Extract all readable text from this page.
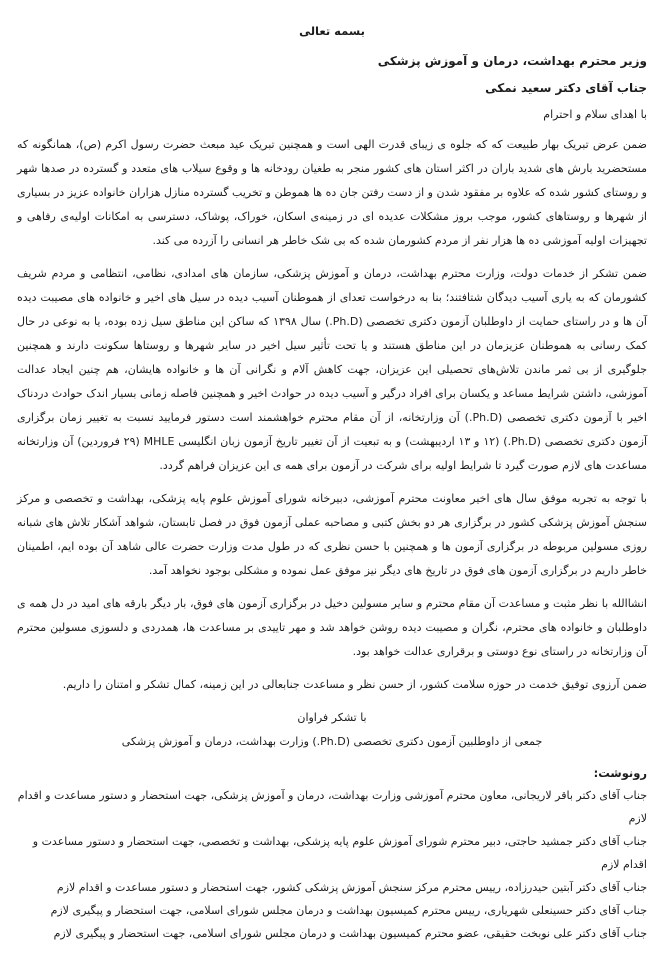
بسمه تعالی

وزیر محترم بهداشت، درمان و آموزش پزشکی

جناب آقای دکتر سعید نمکی

با اهدای سلام و احترام

ضمن عرض تبریک بهار طبیعت که که جلوه ی زیبای قدرت الهی است و همچنین تبریک عید مبعث حضرت رسول اکرم (ص)، همانگونه که مستحضرید بارش های شدید باران در اکثر استان های کشور منجر به طغیان رودخانه ها و وقوع سیلاب های متعدد و گسترده در صدها شهر و روستای کشور شده که علاوه بر مفقود شدن و از دست رفتن جان ده ها هموطن و تخریب گسترده منازل هزاران خانواده عزیز در بسیاری از شهرها و روستاهای کشور، موجب بروز مشکلات عدیده ای در زمینه‌ی اسکان، خوراک، پوشاک، دسترسی به امکانات اولیه‌ی رفاهی و تجهیزات اولیه آموزشی ده ها هزار نفر از مردم کشورمان شده که بی شک خاطر هر انسانی را آزرده می کند.

ضمن تشکر از خدمات دولت، وزارت محترم بهداشت، درمان و آموزش پزشکی، سازمان های امدادی، نظامی، انتظامی و مردم شریف کشورمان که به یاری آسیب دیدگان شتافتند؛ بنا به درخواست تعدای از هموطنان آسیب دیده در سیل های اخیر و خانواده های مصیبت دیده آن ها و در راستای حمایت از داوطلبان آزمون دکتری تخصصی (Ph.D.) سال ۱۳۹۸ که ساکن این مناطق سیل زده بوده، یا به نوعی در حال کمک رسانی به هموطنان عزیزمان در این مناطق هستند و یا تحت تأثیر سیل اخیر در سایر شهرها و روستاها سکونت دارند و همچنین جلوگیری از بی ثمر ماندن تلاش‌های تحصیلی این عزیزان، جهت کاهش آلام و نگرانی آن ها و خانواده هایشان، هم چنین ایجاد عدالت آموزشی، داشتن شرایط مساعد و یکسان برای افراد درگیر و آسیب دیده در حوادث اخیر و همچنین فاصله زمانی بسیار اندک حوادث دردناک اخیر با آزمون دکتری تخصصی (Ph.D.) آن وزارتخانه، از آن مقام محترم خواهشمند است دستور فرمایید نسبت به تغییر زمان برگزاری آزمون دکتری تخصصی (Ph.D.) (۱۲ و ۱۳ اردیبهشت) و به تبعیت از آن تغییر تاریخ آزمون زبان انگلیسی MHLE (۲۹ فروردین) آن وزارتخانه مساعدت های لازم صورت گیرد تا شرایط اولیه برای شرکت در آزمون برای همه ی این عزیزان فراهم گردد.

با توجه به تجربه موفق سال های اخیر معاونت محترم آموزشی، دبیرخانه شورای آموزش علوم پایه پزشکی، بهداشت و تخصصی و مرکز سنجش آموزش پزشکی کشور در برگزاری هر دو بخش کتبی و مصاحبه عملی آزمون فوق در فصل تابستان، شواهد آشکار تلاش های شبانه روزی مسولین مربوطه در برگزاری آزمون ها و همچنین با حسن نظری که در طول مدت وزارت حضرت عالی شاهد آن بوده ایم، اطمینان خاطر داریم در برگزاری آزمون های فوق در تاریخ های دیگر نیز موفق عمل نموده و مشکلی بوجود نخواهد آمد.

انشاالله با نظر مثبت و مساعدت آن مقام محترم و سایر مسولین دخیل در برگزاری آزمون های فوق، بار دیگر بارقه های امید در دل همه ی داوطلبان و خانواده های محترم، نگران و مصیبت دیده روشن خواهد شد و مهر تاییدی بر مساعدت ها، همدردی و دلسوزی مسولین محترم آن وزارتخانه در راستای نوع دوستی و برقراری عدالت خواهد بود.

ضمن آرزوی توفیق خدمت در حوزه سلامت کشور، از حسن نظر و مساعدت جنابعالی در این زمینه، کمال تشکر و امتنان را داریم.

با تشکر فراوان

جمعی از داوطلبین آزمون دکتری تخصصی (Ph.D.) وزارت بهداشت، درمان و آموزش پزشکی

رونوشت:

جناب آقای دکتر باقر لاریجانی، معاون محترم آموزشی وزارت بهداشت، درمان و آموزش پزشکی، جهت استحضار و دستور مساعدت و اقدام لازم

جناب آقای دکتر جمشید حاجتی، دبیر محترم شورای آموزش علوم پایه پزشکی، بهداشت و تخصصی، جهت استحضار و دستور مساعدت و اقدام لازم

جناب آقای دکتر آبتین حیدرزاده، رییس محترم مرکز سنجش آموزش پزشکی کشور، جهت استحضار و دستور مساعدت و اقدام لازم

جناب آقای دکتر حسینعلی شهریاری، رییس محترم کمیسیون بهداشت و درمان مجلس شورای اسلامی، جهت استحضار و پیگیری لازم

جناب آقای دکتر علی نوبخت حقیقی، عضو محترم کمیسیون بهداشت و درمان مجلس شورای اسلامی، جهت استحضار و پیگیری لازم
